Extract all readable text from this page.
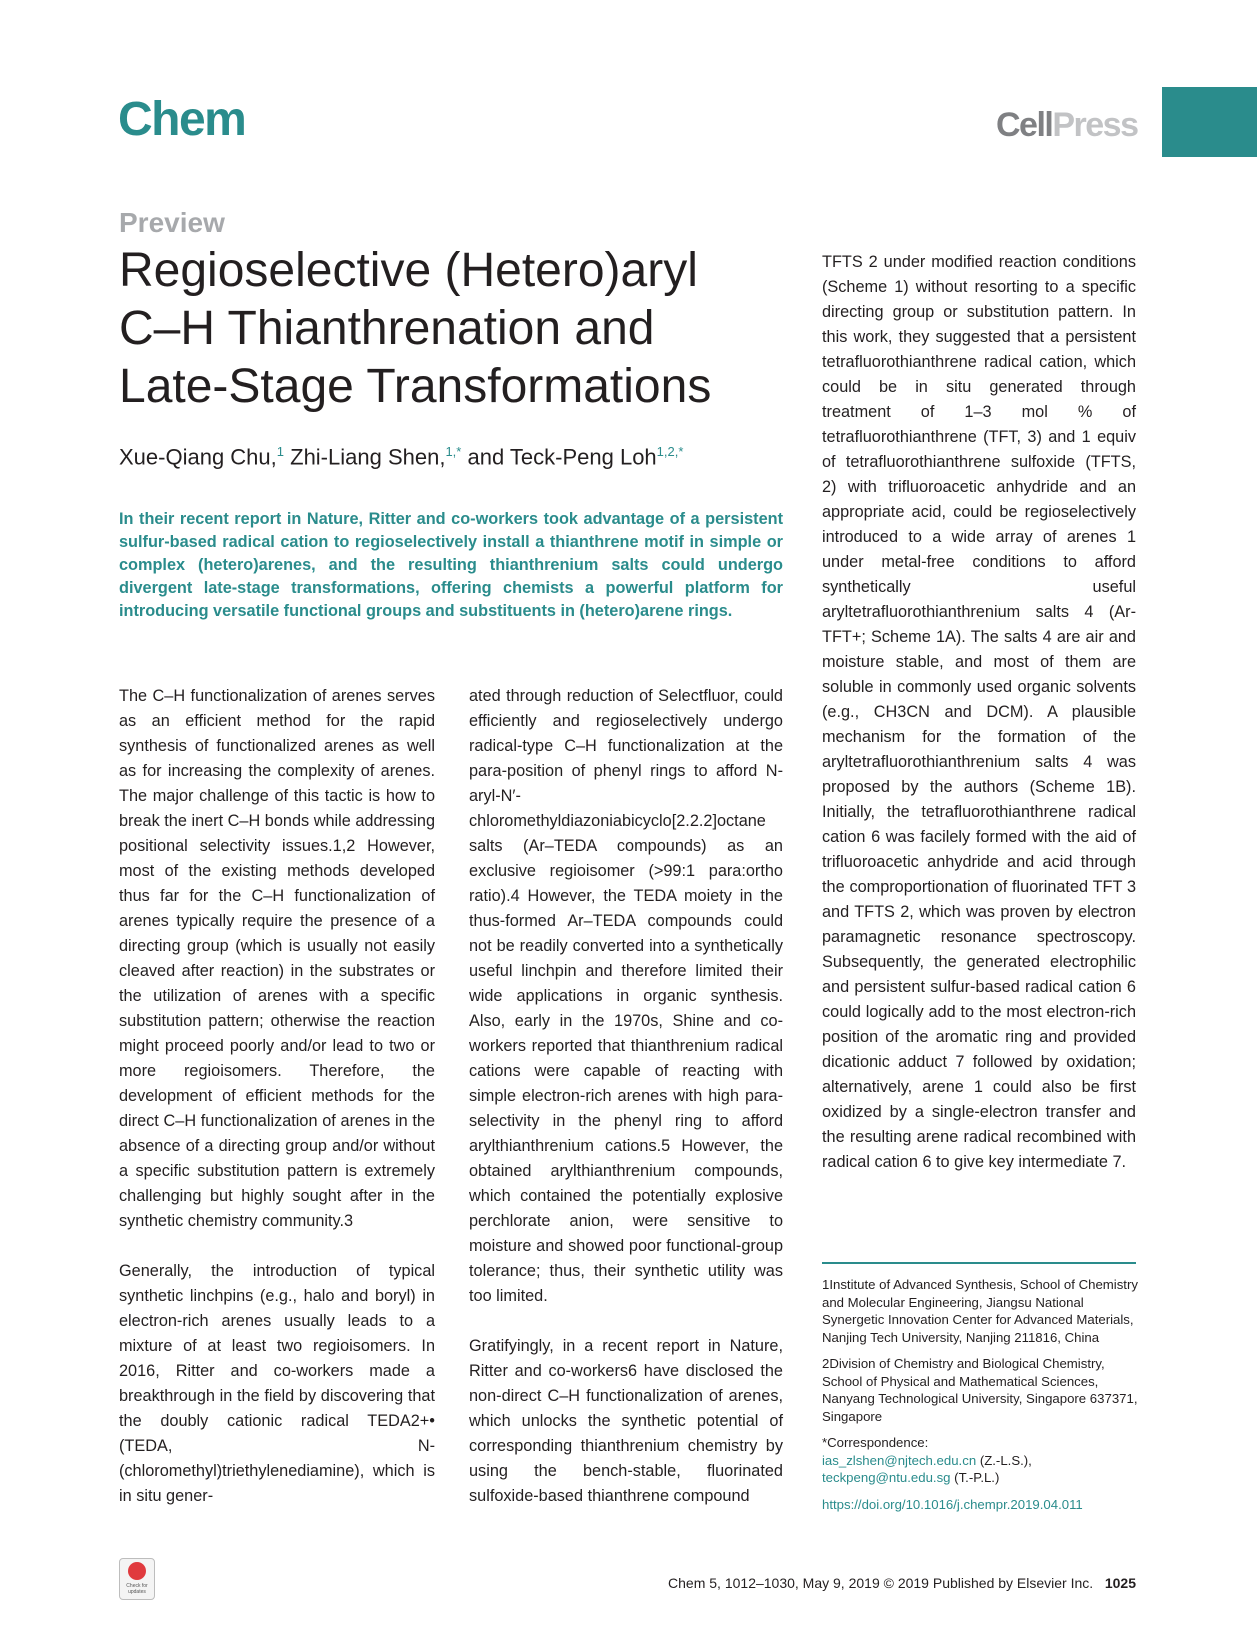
Chem	CellPress
Preview
Regioselective (Hetero)aryl C–H Thianthrenation and Late-Stage Transformations
Xue-Qiang Chu,$^1$ Zhi-Liang Shen,$^{1,*}$ and Teck-Peng Loh$^{1,2,*}$
In their recent report in Nature, Ritter and co-workers took advantage of a persistent sulfur-based radical cation to regioselectively install a thianthrene motif in simple or complex (hetero)arenes, and the resulting thianthrenium salts could undergo divergent late-stage transformations, offering chemists a powerful platform for introducing versatile functional groups and substituents in (hetero)arene rings.

The C–H functionalization of arenes serves as an efficient method for the rapid synthesis of functionalized arenes as well as for increasing the complexity of arenes. The major challenge of this tactic is how to break the inert C–H bonds while addressing positional selectivity issues.1,2 However, most of the existing methods developed thus far for the C–H functionalization of arenes typically require the presence of a directing group (which is usually not easily cleaved after reaction) in the substrates or the utilization of arenes with a specific substitution pattern; otherwise the reaction might proceed poorly and/or lead to two or more regioisomers. Therefore, the development of efficient methods for the direct C–H functionalization of arenes in the absence of a directing group and/or without a specific substitution pattern is extremely challenging but highly sought after in the synthetic chemistry community.3

Generally, the introduction of typical synthetic linchpins (e.g., halo and boryl) in electron-rich arenes usually leads to a mixture of at least two regioisomers. In 2016, Ritter and co-workers made a breakthrough in the field by discovering that the doubly cationic radical TEDA2+• (TEDA, N-(chloromethyl)triethylenediamine), which is in situ gener-

ated through reduction of Selectfluor, could efficiently and regioselectively undergo radical-type C–H functionalization at the para-position of phenyl rings to afford N-aryl-N′-chloromethyldiazoniabicyclo[2.2.2]octane salts (Ar–TEDA compounds) as an exclusive regioisomer (>99:1 para:ortho ratio).4 However, the TEDA moiety in the thus-formed Ar–TEDA compounds could not be readily converted into a synthetically useful linchpin and therefore limited their wide applications in organic synthesis. Also, early in the 1970s, Shine and co-workers reported that thianthrenium radical cations were capable of reacting with simple electron-rich arenes with high para-selectivity in the phenyl ring to afford arylthianthrenium cations.5 However, the obtained arylthianthrenium compounds, which contained the potentially explosive perchlorate anion, were sensitive to moisture and showed poor functional-group tolerance; thus, their synthetic utility was too limited.

Gratifyingly, in a recent report in Nature, Ritter and co-workers6 have disclosed the non-direct C–H functionalization of arenes, which unlocks the synthetic potential of corresponding thianthrenium chemistry by using the bench-stable, fluorinated sulfoxide-based thianthrene compound

TFTS 2 under modified reaction conditions (Scheme 1) without resorting to a specific directing group or substitution pattern. In this work, they suggested that a persistent tetrafluorothianthrene radical cation, which could be in situ generated through treatment of 1–3 mol % of tetrafluorothianthrene (TFT, 3) and 1 equiv of tetrafluorothianthrene sulfoxide (TFTS, 2) with trifluoroacetic anhydride and an appropriate acid, could be regioselectively introduced to a wide array of arenes 1 under metal-free conditions to afford synthetically useful aryltetrafluorothianthrenium salts 4 (Ar-TFT+; Scheme 1A). The salts 4 are air and moisture stable, and most of them are soluble in commonly used organic solvents (e.g., CH3CN and DCM). A plausible mechanism for the formation of the aryltetrafluorothianthrenium salts 4 was proposed by the authors (Scheme 1B). Initially, the tetrafluorothianthrene radical cation 6 was facilely formed with the aid of trifluoroacetic anhydride and acid through the comproportionation of fluorinated TFT 3 and TFTS 2, which was proven by electron paramagnetic resonance spectroscopy. Subsequently, the generated electrophilic and persistent sulfur-based radical cation 6 could logically add to the most electron-rich position of the aromatic ring and provided dicationic adduct 7 followed by oxidation; alternatively, arene 1 could also be first oxidized by a single-electron transfer and the resulting arene radical recombined with radical cation 6 to give key intermediate 7.

1Institute of Advanced Synthesis, School of Chemistry and Molecular Engineering, Jiangsu National Synergetic Innovation Center for Advanced Materials, Nanjing Tech University, Nanjing 211816, China

2Division of Chemistry and Biological Chemistry, School of Physical and Mathematical Sciences, Nanyang Technological University, Singapore 637371, Singapore

*Correspondence:
ias_zlshen@njtech.edu.cn (Z.-L.S.),
teckpeng@ntu.edu.sg (T.-P.L.)
https://doi.org/10.1016/j.chempr.2019.04.011
Check for updates
Chem 5, 1012–1030, May 9, 2019 © 2019 Published by Elsevier Inc. 1025
